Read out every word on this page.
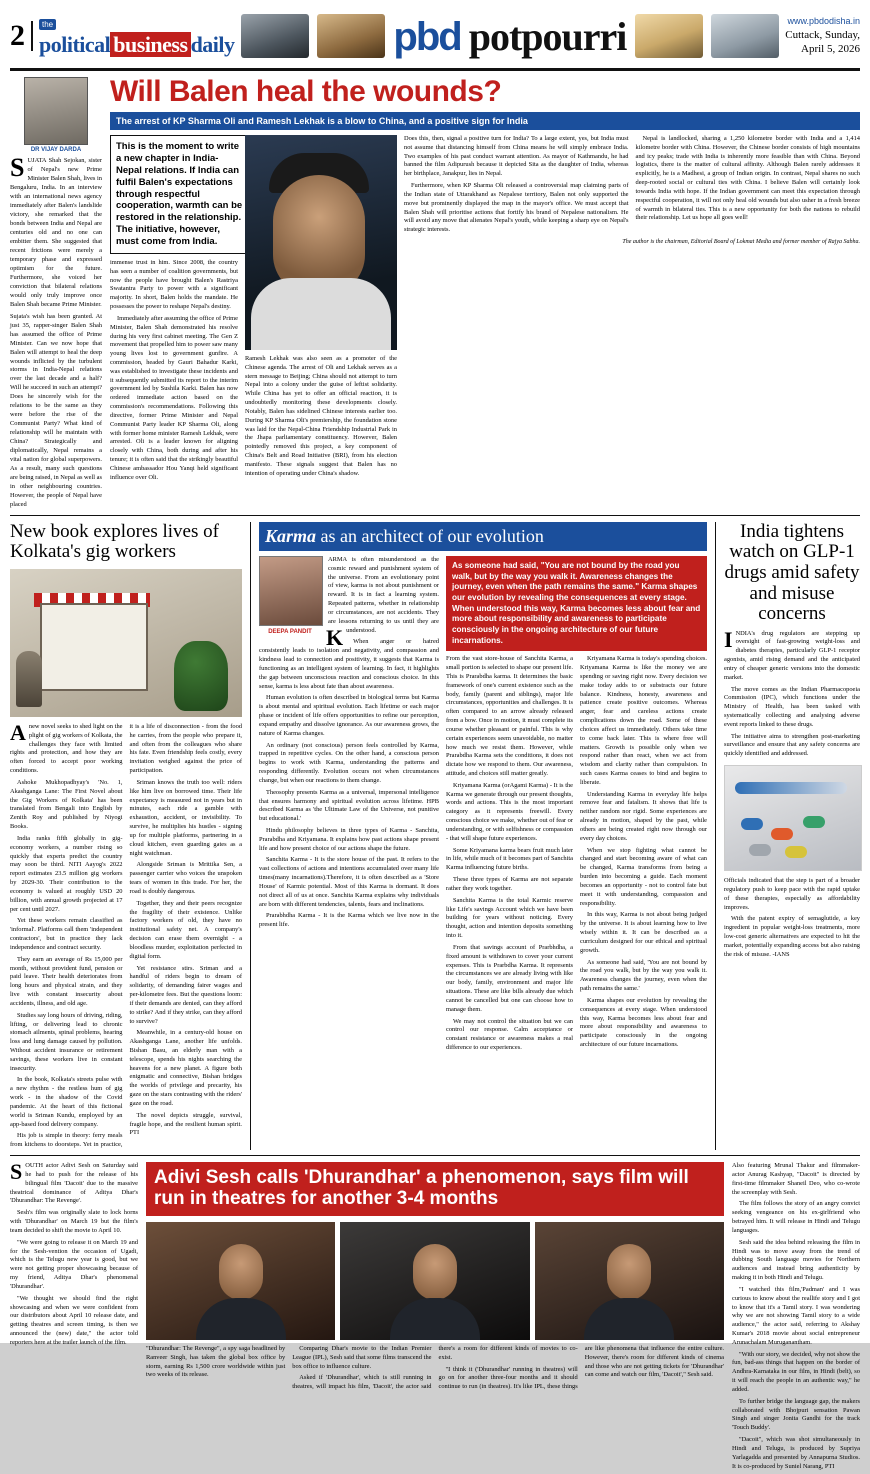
2	the
political business daily	pbd potpourri	www.pbdodisha.in
Cuttack, Sunday,
April 5, 2026
DR VIJAY DARDA

SUJATA Shah Sejokan, sister of Nepal's new Prime Minister Balen Shah, lives in Bengaluru, India. In an interview with an international news agency immediately after Balen's landslide victory, she remarked that the bonds between India and Nepal are centuries old and no one can embitter them. She suggested that recent frictions were merely a temporary phase and expressed optimism for the future. Furthermore, she voiced her conviction that bilateral relations would only truly improve once Balen Shah became Prime Minister.

Sujata's wish has been granted. At just 35, rapper-singer Balen Shah has assumed the office of Prime Minister. Can we now hope that Balen will attempt to heal the deep wounds inflicted by the turbulent storms in India-Nepal relations over the last decade and a half? Will he succeed in such an attempt? Does he sincerely wish for the relations to be the same as they were before the rise of the Communist Party? What kind of relationship will he maintain with China? Strategically and diplomatically, Nepal remains a vital nation for global superpowers. As a result, many such questions are being raised, in Nepal as well as in other neighbouring countries. However, the people of Nepal have placed

Will Balen heal the wounds?
The arrest of KP Sharma Oli and Ramesh Lekhak is a blow to China, and a positive sign for India
This is the moment to write a new chapter in India-Nepal relations. If India can fulfil Balen's expectations through respectful cooperation, warmth can be restored in the relationship. The initiative, however, must come from India.

immense trust in him. Since 2008, the country has seen a number of coalition governments, but now the people have brought Balen's Rastriya Swatantra Party to power with a significant majority. In short, Balen holds the mandate. He possesses the power to reshape Nepal's destiny.

Immediately after assuming the office of Prime Minister, Balen Shah demonstrated his resolve during his very first cabinet meeting. The Gen Z movement that propelled him to power saw many young lives lost to government gunfire. A commission, headed by Gauri Bahadur Karki, was established to investigate these incidents and it subsequently submitted its report to the interim government led by Sushila Karki. Balen has now ordered immediate action based on the commission's recommendations. Following this directive, former Prime Minister and Nepal Communist Party leader KP Sharma Oli, along with former home minister Ramesh Lekhak, were arrested. Oli is a leader known for aligning closely with China, both during and after his tenure; it is often said that the strikingly beautiful Chinese ambassador Hou Yanqi held significant influence over Oli.

Ramesh Lekhak was also seen as a promoter of the Chinese agenda. The arrest of Oli and Lekhak serves as a stern message to Beijing; China should not attempt to turn Nepal into a colony under the guise of leftist solidarity. While China has yet to offer an official reaction, it is undoubtedly monitoring these developments closely. Notably, Balen has sidelined Chinese interests earlier too. During KP Sharma Oli's premiership, the foundation stone was laid for the Nepal-China Friendship Industrial Park in the Jhapa parliamentary constituency. However, Balen pointedly removed this project, a key component of China's Belt and Road Initiative (BRI), from his election manifesto. These signals suggest that Balen has no intention of operating under China's shadow.

Does this, then, signal a positive turn for India? To a large extent, yes, but India must not assume that distancing himself from China means he will simply embrace India. Two examples of his past conduct warrant attention. As mayor of Kathmandu, he had banned the film Adipurush because it depicted Sita as the daughter of India, whereas her birthplace, Janakpur, lies in Nepal.

Furthermore, when KP Sharma Oli released a controversial map claiming parts of the Indian state of Uttarakhand as Nepalese territory, Balen not only supported the move but prominently displayed the map in the mayor's office. We must accept that Balen Shah will prioritise actions that fortify his brand of Nepalese nationalism. He will avoid any move that alienates Nepal's youth, while keeping a sharp eye on Nepal's strategic interests.

Nepal is landlocked, sharing a 1,250 kilometre border with India and a 1,414 kilometre border with China. However, the Chinese border consists of high mountains and icy peaks; trade with India is inherently more feasible than with China. Beyond logistics, there is the matter of cultural affinity. Although Balen rarely addresses it explicitly, he is a Madhesi, a group of Indian origin. In contrast, Nepal shares no such deep-rooted social or cultural ties with China. I believe Balen will certainly look towards India with hope. If the Indian government can meet this expectation through respectful cooperation, it will not only heal old wounds but also usher in a fresh breeze of warmth in bilateral ties. This is a new opportunity for both the nations to rebuild their relationship. Let us hope all goes well!

The author is the chairman, Editorial Board of Lokmat Media and former member of Rajya Sabha.
New book explores lives of Kolkata's gig workers

Anew novel seeks to shed light on the plight of gig workers of Kolkata, the challenges they face with limited rights and protection, and how they are often forced to accept poor working conditions.

Ashoke Mukhopadhyay's 'No. 1, Akashganga Lane: The First Novel about the Gig Workers of Kolkata' has been translated from Bengali into English by Zenith Roy and published by Niyogi Books.

India ranks fifth globally in gig-economy workers, a number rising so quickly that experts predict the country may soon be third. NITI Aayog's 2022 report estimates 23.5 million gig workers by 2029-30. Their contribution to the economy is valued at roughly USD 20 billion, with annual growth projected at 17 per cent until 2027.

Yet these workers remain classified as 'informal'. Platforms call them 'independent contractors', but in practice they lack independence and contract security.

They earn an average of Rs 15,000 per month, without provident fund, pension or paid leave. Their health deteriorates from long hours and physical strain, and they live with constant insecurity about accidents, illness, and old age.

Studies say long hours of driving, riding, lifting, or delivering lead to chronic stomach ailments, spinal problems, hearing loss and lung damage caused by pollution. Without accident insurance or retirement savings, these workers live in constant insecurity.

In the book, Kolkata's streets pulse with a new rhythm - the restless hum of gig work - in the shadow of the Covid pandemic. At the heart of this fictional world is Sriman Kundu, employed by an app-based food delivery company.

His job is simple in theory: ferry meals from kitchens to doorsteps. Yet in practice, it is a life of disconnection - from the food he carries, from the people who prepare it, and often from the colleagues who share his fate. Even friendship feels costly, every invitation weighed against the price of participation.

Sriman knows the truth too well: riders like him live on borrowed time. Their life expectancy is measured not in years but in minutes, each ride a gamble with exhaustion, accident, or invisibility. To survive, he multiplies his hustles - signing up for multiple platforms, partnering in a cloud kitchen, even guarding gates as a night watchman.

Alongside Sriman is Mrittika Sen, a passenger carrier who voices the unspoken tears of women in this trade. For her, the road is doubly dangerous.

Together, they and their peers recognize the fragility of their existence. Unlike factory workers of old, they have no institutional safety net. A company's decision can erase them overnight - a bloodless murder, exploitation perfected in digital form.

Yet resistance stirs. Sriman and a handful of riders begin to dream of solidarity, of demanding fairer wages and per-kilometre fees. But the questions loom: if their demands are denied, can they afford to strike? And if they strike, can they afford to survive?

Meanwhile, in a century-old house on Akashganga Lane, another life unfolds. Bishan Basu, an elderly man with a telescope, spends his nights searching the heavens for a new planet. A figure both enigmatic and connective, Bishan bridges the worlds of privilege and precarity, his gaze on the stars contrasting with the riders' gaze on the road.

The novel depicts struggle, survival, fragile hope, and the resilient human spirit. PTI

Karma as an architect of our evolution
DEEPA PANDIT K
ARMA is often misunderstood as the cosmic reward and punishment system of the universe. From an evolutionary point of view, karma is not about punishment or reward. It is in fact a learning system. Repeated patterns, whether in relationship or circumstances, are not accidents. They are lessons returning to us until they are understood.

When anger or hatred consistently leads to isolation and negativity, and compassion and kindness lead to connection and positivity, it suggests that Karma is functioning as an intelligent system of learning. In fact, it highlights the gap between unconscious reaction and conscious choice. In this sense, karma is less about fate than about awareness.

Human evolution is often described in biological terms but Karma is about mental and spiritual evolution. Each lifetime or each major phase or incident of life offers opportunities to refine our perception, expand empathy and dissolve ignorance. As our awareness grows, the nature of Karma changes.

An ordinary (not conscious) person feels controlled by Karma, trapped in repetitive cycles. On the other hand, a conscious person begins to work with Karma, understanding the patterns and responding differently. Evolution occurs not when circumstances change, but when our reactions to them change.

Theosophy presents Karma as a universal, impersonal intelligence that ensures harmony and spiritual evolution across lifetime. HPB described Karma as 'the Ultimate Law of the Universe, not punitive but educational.'

Hindu philosophy believes in three types of Karma - Sanchita, Prarabdha and Kriyamana. It explains how past actions shape present life and how present choice of our actions shape the future.

Sanchita Karma - It is the store house of the past. It refers to the vast collections of actions and intentions accumulated over many life times(many incarnations).Therefore, it is often described as a 'Store House' of Karmic potential. Most of this Karma is dormant. It does not direct all of us at once. Sanchita Karma explains why individuals are born with different tendencies, talents, fears and inclinations.

Prarabhdha Karma - It is the Karma which we live now in the present life.

As someone had said, "You are not bound by the road you walk, but by the way you walk it. Awareness changes the journey, even when the path remains the same." Karma shapes our evolution by revealing the consequences at every stage. When understood this way, Karma becomes less about fear and more about responsibility and awareness to participate consciously in the ongoing architecture of our future incarnations.

From the vast store-house of Sanchita Karma, a small portion is selected to shape our present life. This is Prarabdha karma. It determines the basic framework of one's current existence such as the body, family (parent and siblings), major life circumstances, opportunities and challenges. It is often compared to an arrow already released from a bow. Once in motion, it must complete its course whether pleasant or painful. This is why certain experiences seem unavoidable, no matter how much we resist them. However, while Prarabdha Karma sets the conditions, it does not dictate how we respond to them. Our awareness, attitude, and choices still matter greatly.

Kriyamana Karma (orAgami Karma) - It is the Karma we generate through our present thoughts, words and actions. This is the most important category as it represents freewill. Every conscious choice we make, whether out of fear or understanding, or with selfishness or compassion - that will shape future experiences.

Some Kriyamana karma bears fruit much later in life, while much of it becomes part of Sanchita Karma influencing future births.

These three types of Karma are not separate rather they work together.

Sanchita Karma is the total Karmic reserve like Life's savings Account which we have been building for years without noticing. Every thought, action and intention deposits something into it.

From that savings account of Prarbhdha, a fixed amount is withdrawn to cover your current expenses. This is Prarbdha Karma. It represents the circumstances we are already living with like our body, family, environment and major life situations. These are like bills already due which cannot be cancelled but one can choose how to manage them.

We may not control the situation but we can control our response. Calm acceptance or constant resistance or awareness makes a real difference to our experiences.

Kriyamana Karma is today's spending choices. Kriyamana Karma is like the money we are spending or saving right now. Every decision we make today adds to or substracts our future balance. Kindness, honesty, awareness and patience create positive outcomes. Whereas anger, fear and careless actions create complications down the road. Some of these choices affect us immediately. Others take time to come back later. This is where free will matters. Growth is possible only when we respond rather than react, when we act from wisdom and clarity rather than compulsion. In such cases Karma ceases to bind and begins to liberate.

Understanding Karma in everyday life helps remove fear and fatalism. It shows that life is neither random nor rigid. Some experiences are already in motion, shaped by the past, while others are being created right now through our every day choices.

When we stop fighting what cannot be changed and start becoming aware of what can be changed, Karma transforms from being a burden into becoming a guide. Each moment becomes an opportunity - not to control fate but meet it with understanding, compassion and responsibility.

In this way, Karma is not about being judged by the universe. It is about learning how to live wisely within it. It can be described as a curriculum designed for our ethical and spiritual growth.

As someone had said, 'You are not bound by the road you walk, but by the way you walk it. Awareness changes the journey, even when the path remains the same.'

Karma shapes our evolution by revealing the consequences at every stage. When understood this way, Karma becomes less about fear and more about responsibility and awareness to participate consciously in the ongoing architecture of our future incarnations.

India tightens watch on GLP-1 drugs amid safety and misuse concerns

INDIA's drug regulators are stepping up oversight of fast-growing weight-loss and diabetes therapies, particularly GLP-1 receptor agonists, amid rising demand and the anticipated entry of cheaper generic versions into the domestic market.

The move comes as the Indian Pharmacopoeia Commission (IPC), which functions under the Ministry of Health, has been tasked with systematically collecting and analysing adverse event reports linked to these drugs.

The initiative aims to strengthen post-marketing surveillance and ensure that any safety concerns are quickly identified and addressed.

Officials indicated that the step is part of a broader regulatory push to keep pace with the rapid uptake of these therapies, especially as affordability improves.

With the patent expiry of semaglutide, a key ingredient in popular weight-loss treatments, more low-cost generic alternatives are expected to hit the market, potentially expanding access but also raising the risk of misuse. -IANS

SOUTH actor Adivi Sesh on Saturday said he had to push for the release of his bilingual film 'Dacoit' due to the massive theatrical dominance of Aditya Dhar's 'Dhurandhar: The Revenge'.

Sesh's film was originally slate to lock horns with 'Dhurandhar' on March 19 but the film's team decided to shift the movie to April 10.

"We were going to release it on March 19 and for the Sesh-vention the occasion of Ugadi, which is the Telugu new year is good, but we were not getting proper showcasing because of my friend, Aditya Dhar's phenomenal 'Dhurandhar'.

"We thought we should find the right showcasing and when we were confident from our distributors about April 10 release date, and getting theatres and screen timing, is then we announced the (new) date," the actor told reporters here at the trailer launch of the film.

Adivi Sesh calls 'Dhurandhar' a phenomenon, says film will run in theatres for another 3-4 months

"Dhurandhar: The Revenge", a spy saga headlined by Ranveer Singh, has taken the global box office by storm, earning Rs 1,500 crore worldwide within just two weeks of its release.

Comparing Dhar's movie to the Indian Premier League (IPL), Sesh said that some films transcend the box office to influence culture.

Asked if 'Dhurandhar', which is still running in theatres, will impact his film, 'Dacoit', the actor said there's a room for different kinds of movies to co-exist.

"I think it ('Dhurandhar' running in theatres) will go on for another three-four months and it should continue to run (in theatres). It's like IPL, these things are like phenomena that influence the entire culture. However, there's room for different kinds of cinema and those who are not getting tickets for 'Dhurandhar' can come and watch our film, 'Dacoit'," Sesh said.

Also featuring Mrunal Thakur and filmmaker-actor Anurag Kashyap, "Dacoit" is directed by first-time filmmaker Shaneil Deo, who co-wrote the screenplay with Sesh.

The film follows the story of an angry convict seeking vengeance on his ex-girlfriend who betrayed him. It will release in Hindi and Telugu languages.

Sesh said the idea behind releasing the film in Hindi was to move away from the trend of dubbing South language movies for Northern audiences and instead bring authenticity by making it in both Hindi and Telugu.

"I watched this film,'Padman' and I was curious to know about the reallife story and I got to know that it's a Tamil story. I was wondering why we are not showing Tamil story to a wide audience," the actor said, referring to Akshay Kumar's 2018 movie about social entrepreneur Arunachalam Muruganantham.

"With our story, we decided, why not show the fun, bad-ass things that happen on the border of Andhra-Karnataka in our film, in Hindi (belt), so it will reach the people in an authentic way," he added.

To further bridge the language gap, the makers collaborated with Bhojpuri sensation Pawan Singh and singer Jonita Gandhi for the track 'Touch Buddy'.

"Dacoit", which was shot simultaneously in Hindi and Telugu, is produced by Supriya Yarlagadda and presented by Annapurna Studios. It is co-produced by Suniel Narang, PTI
